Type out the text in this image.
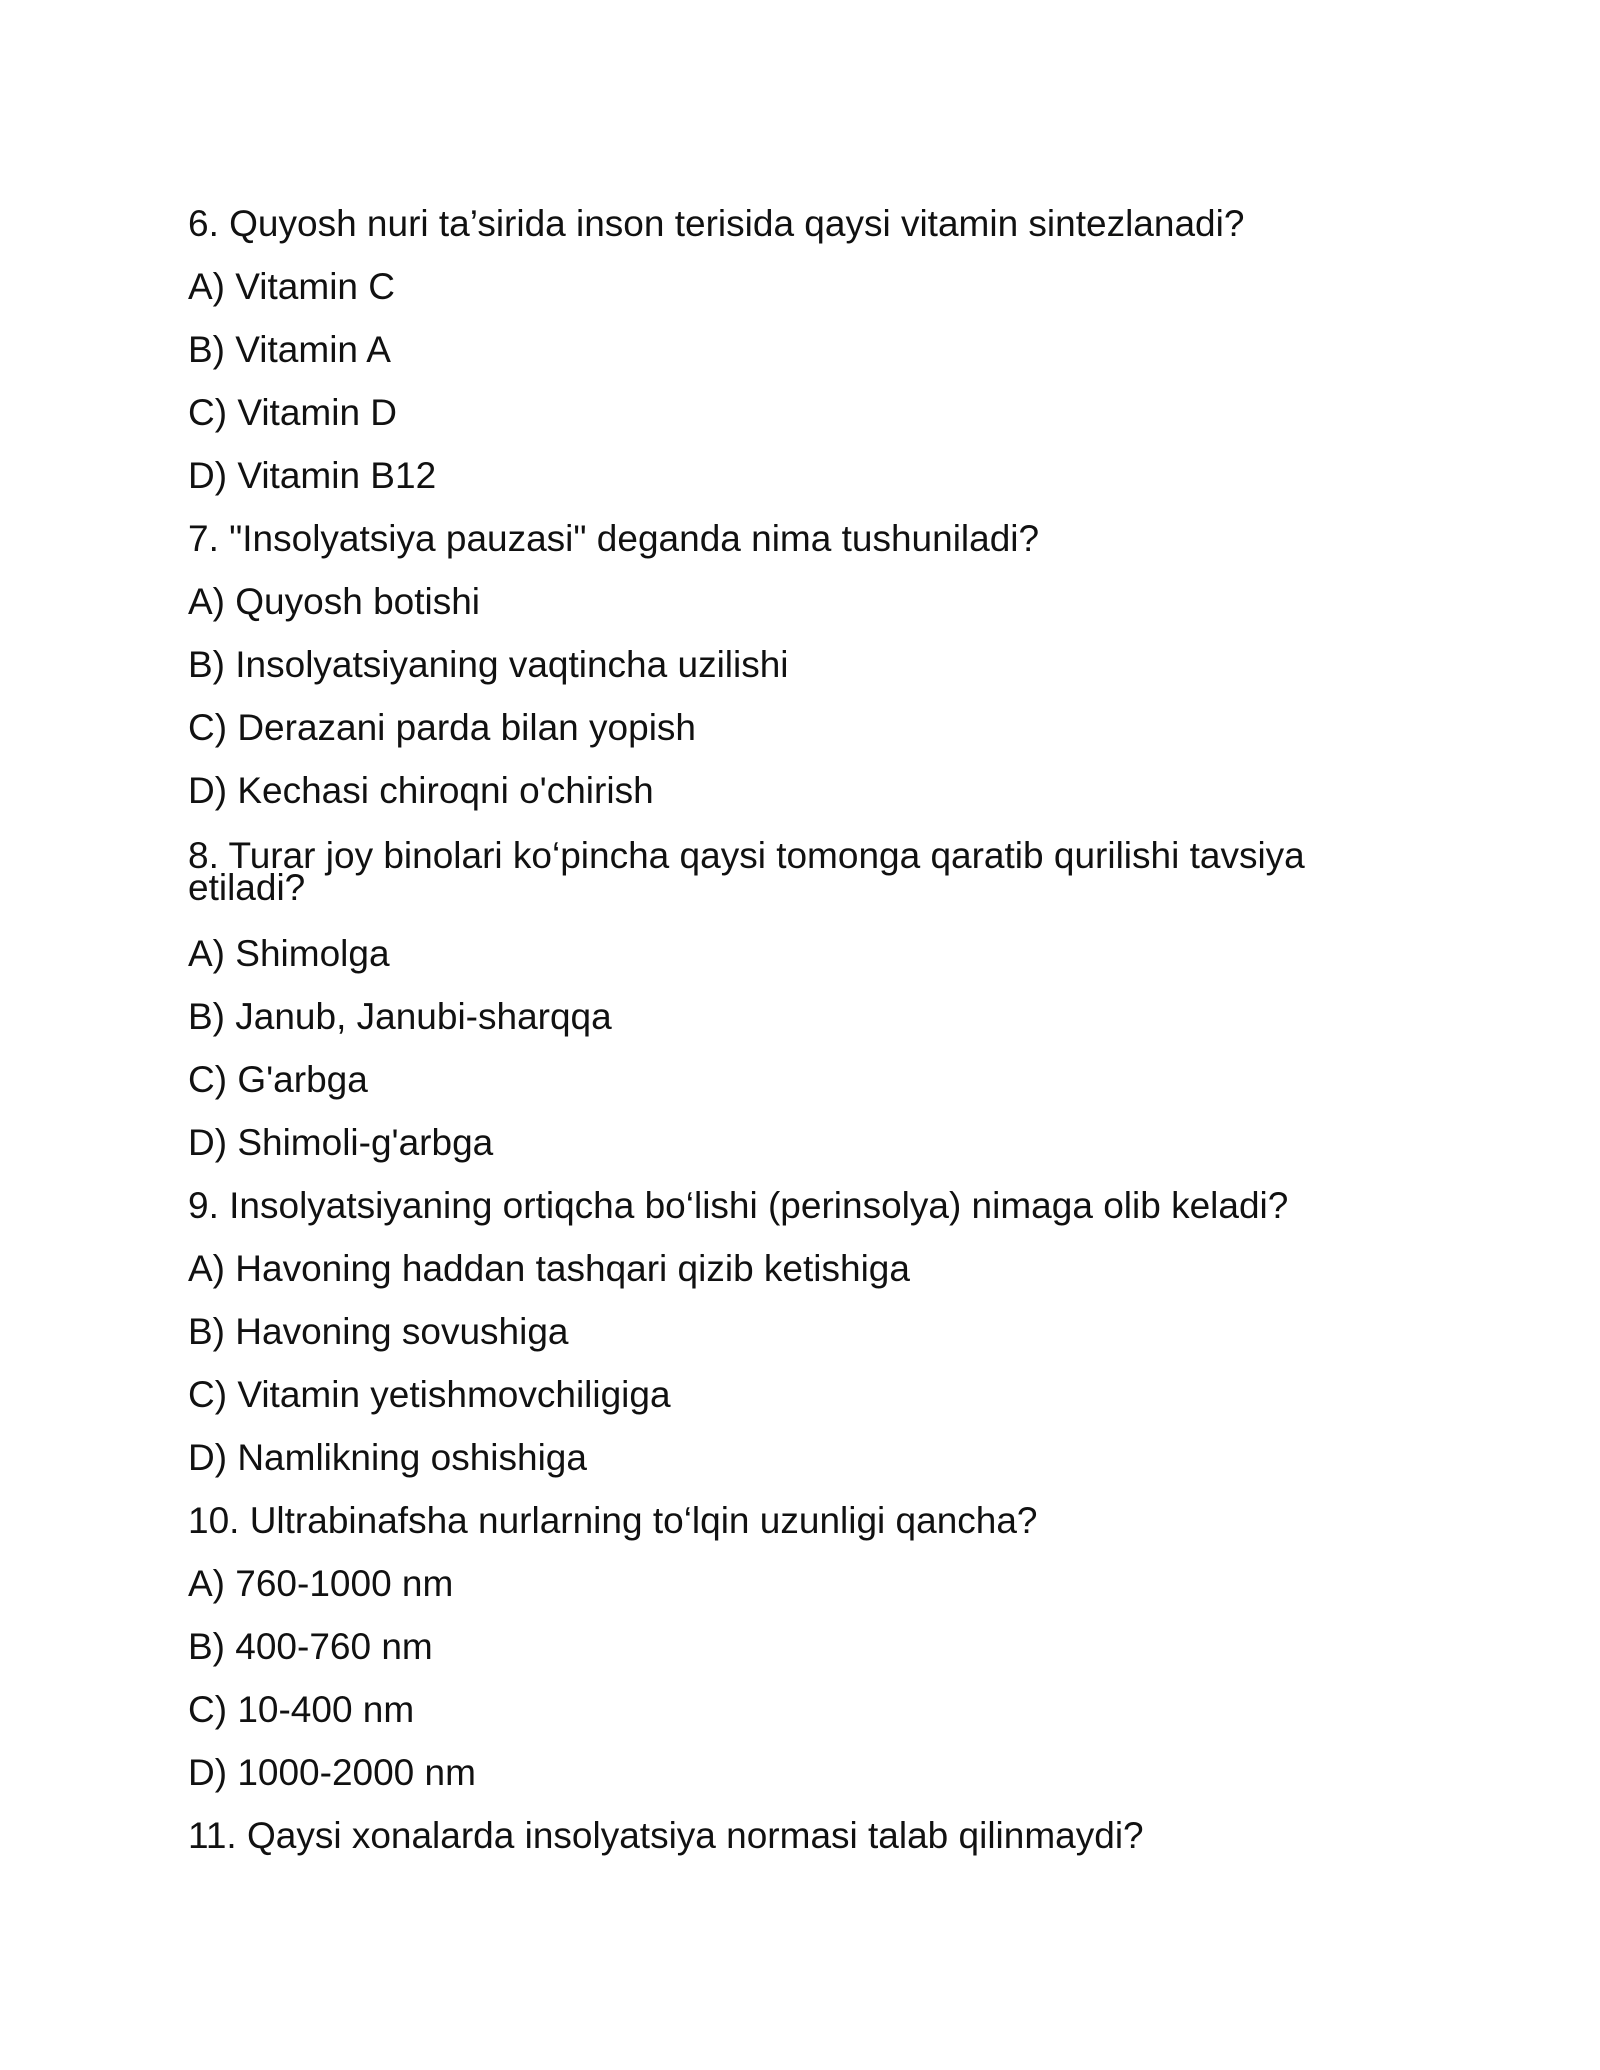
6. Quyosh nuri ta’sirida inson terisida qaysi vitamin sintezlanadi?
A) Vitamin C
B) Vitamin A
C) Vitamin D
D) Vitamin B12
7. "Insolyatsiya pauzasi" deganda nima tushuniladi?
A) Quyosh botishi
B) Insolyatsiyaning vaqtincha uzilishi
C) Derazani parda bilan yopish
D) Kechasi chiroqni o'chirish
8. Turar joy binolari ko‘pincha qaysi tomonga qaratib qurilishi tavsiya etiladi?
A) Shimolga
B) Janub, Janubi-sharqqa
C) G'arbga
D) Shimoli-g'arbga
9. Insolyatsiyaning ortiqcha bo‘lishi (perinsolya) nimaga olib keladi?
A) Havoning haddan tashqari qizib ketishiga
B) Havoning sovushiga
C) Vitamin yetishmovchiligiga
D) Namlikning oshishiga
10. Ultrabinafsha nurlarning to‘lqin uzunligi qancha?
A) 760-1000 nm
B) 400-760 nm
C) 10-400 nm
D) 1000-2000 nm
11. Qaysi xonalarda insolyatsiya normasi talab qilinmaydi?
